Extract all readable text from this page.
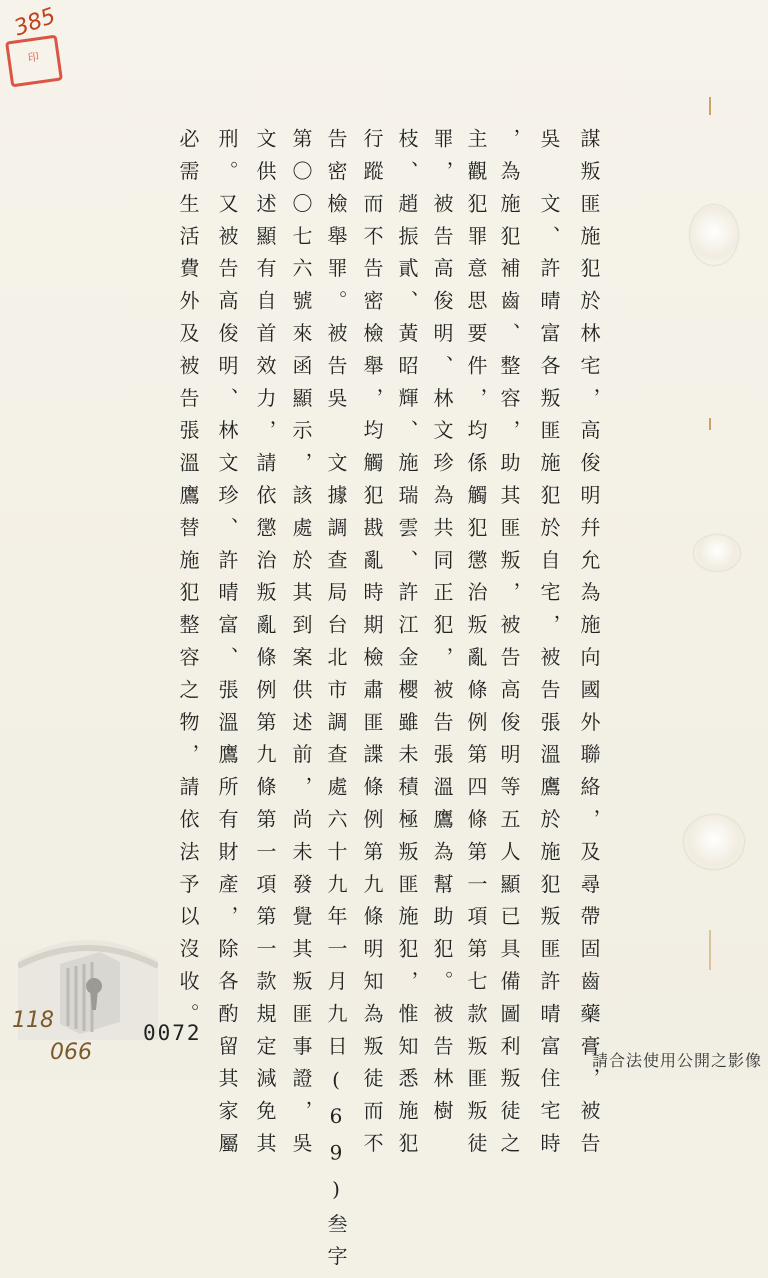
385
印
謀叛匪施犯於林宅，高俊明幷允為施向國外聯絡，及尋帶固齒藥膏，被告
吳　文、許晴富各叛匪施犯於自宅，被告張溫鷹於施犯叛匪許晴富住宅時
，為施犯補齒、整容，助其匪叛，被告高俊明等五人顯已具備圖利叛徒之
主觀犯罪意思要件，均係觸犯懲治叛亂條例第四條第一項第七款叛匪叛徒
罪，被告高俊明、林文珍為共同正犯，被告張溫鷹為幫助犯。被告林樹
枝、趙振貳、黃昭輝、施瑞雲、許江金櫻雖未積極叛匪施犯，惟知悉施犯
行蹤而不告密檢舉，均觸犯戡亂時期檢肅匪諜條例第九條明知為叛徒而不
告密檢舉罪。被告吳　文據調查局台北市調查處六十九年一月九日(69)叁字
第〇〇七六號來函顯示，該處於其到案供述前，尚未發覺其叛匪事證，吳
文供述顯有自首效力，請依懲治叛亂條例第九條第一項第一款規定減免其
刑。又被告高俊明、林文珍、許晴富、張溫鷹所有財產，除各酌留其家屬
必需生活費外及被告張溫鷹替施犯整容之物，請依法予以沒收。
118
066
0072
請合法使用公開之影像
